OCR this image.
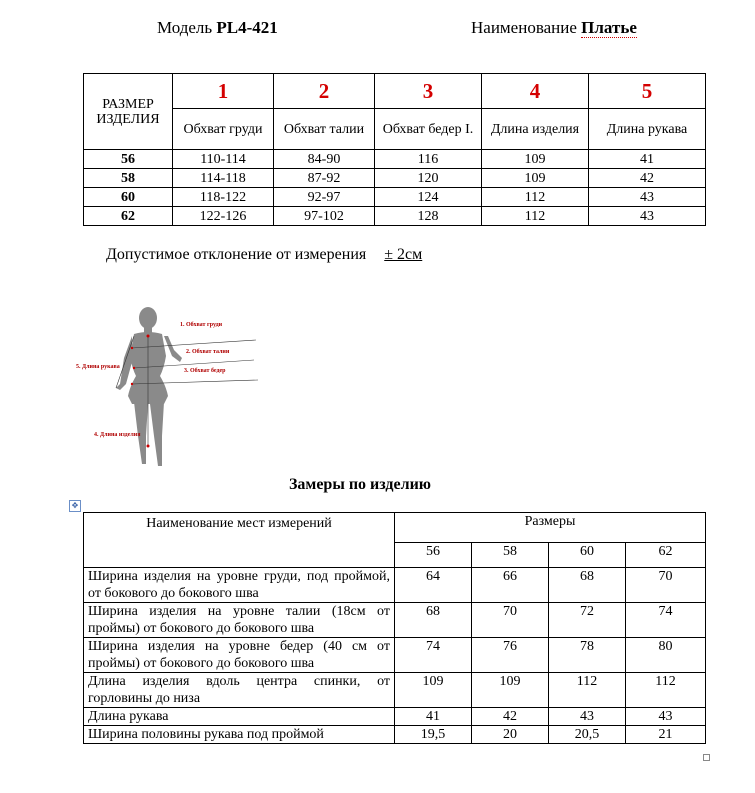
Модель PL4-421	Наименование Платье
РАЗМЕР ИЗДЕЛИЯ	1	2	3	4	5
	Обхват груди	Обхват талии	Обхват бедер I.	Длина изделия	Длина рукава
56	110-114	84-90	116	109	41
58	114-118	87-92	120	109	42
60	118-122	92-97	124	112	43
62	122-126	97-102	128	112	43
Допустимое отклонение от измерения ± 2см
1. Обхват груди
2. Обхват талии
3. Обхват бедер
4. Длина изделия
5. Длина рукава
Замеры по изделию
✥
Наименование мест измерений	Размеры			
	56	58	60	62
Ширина изделия на уровне груди, под проймой, от бокового до бокового шва	64	66	68	70
Ширина изделия на уровне талии (18см от проймы) от бокового до бокового шва	68	70	72	74
Ширина изделия на уровне бедер (40 см от проймы) от бокового до бокового шва	74	76	78	80
Длина изделия вдоль центра спинки, от горловины до низа	109	109	112	112
Длина рукава	41	42	43	43
Ширина половины рукава под проймой	19,5	20	20,5	21
